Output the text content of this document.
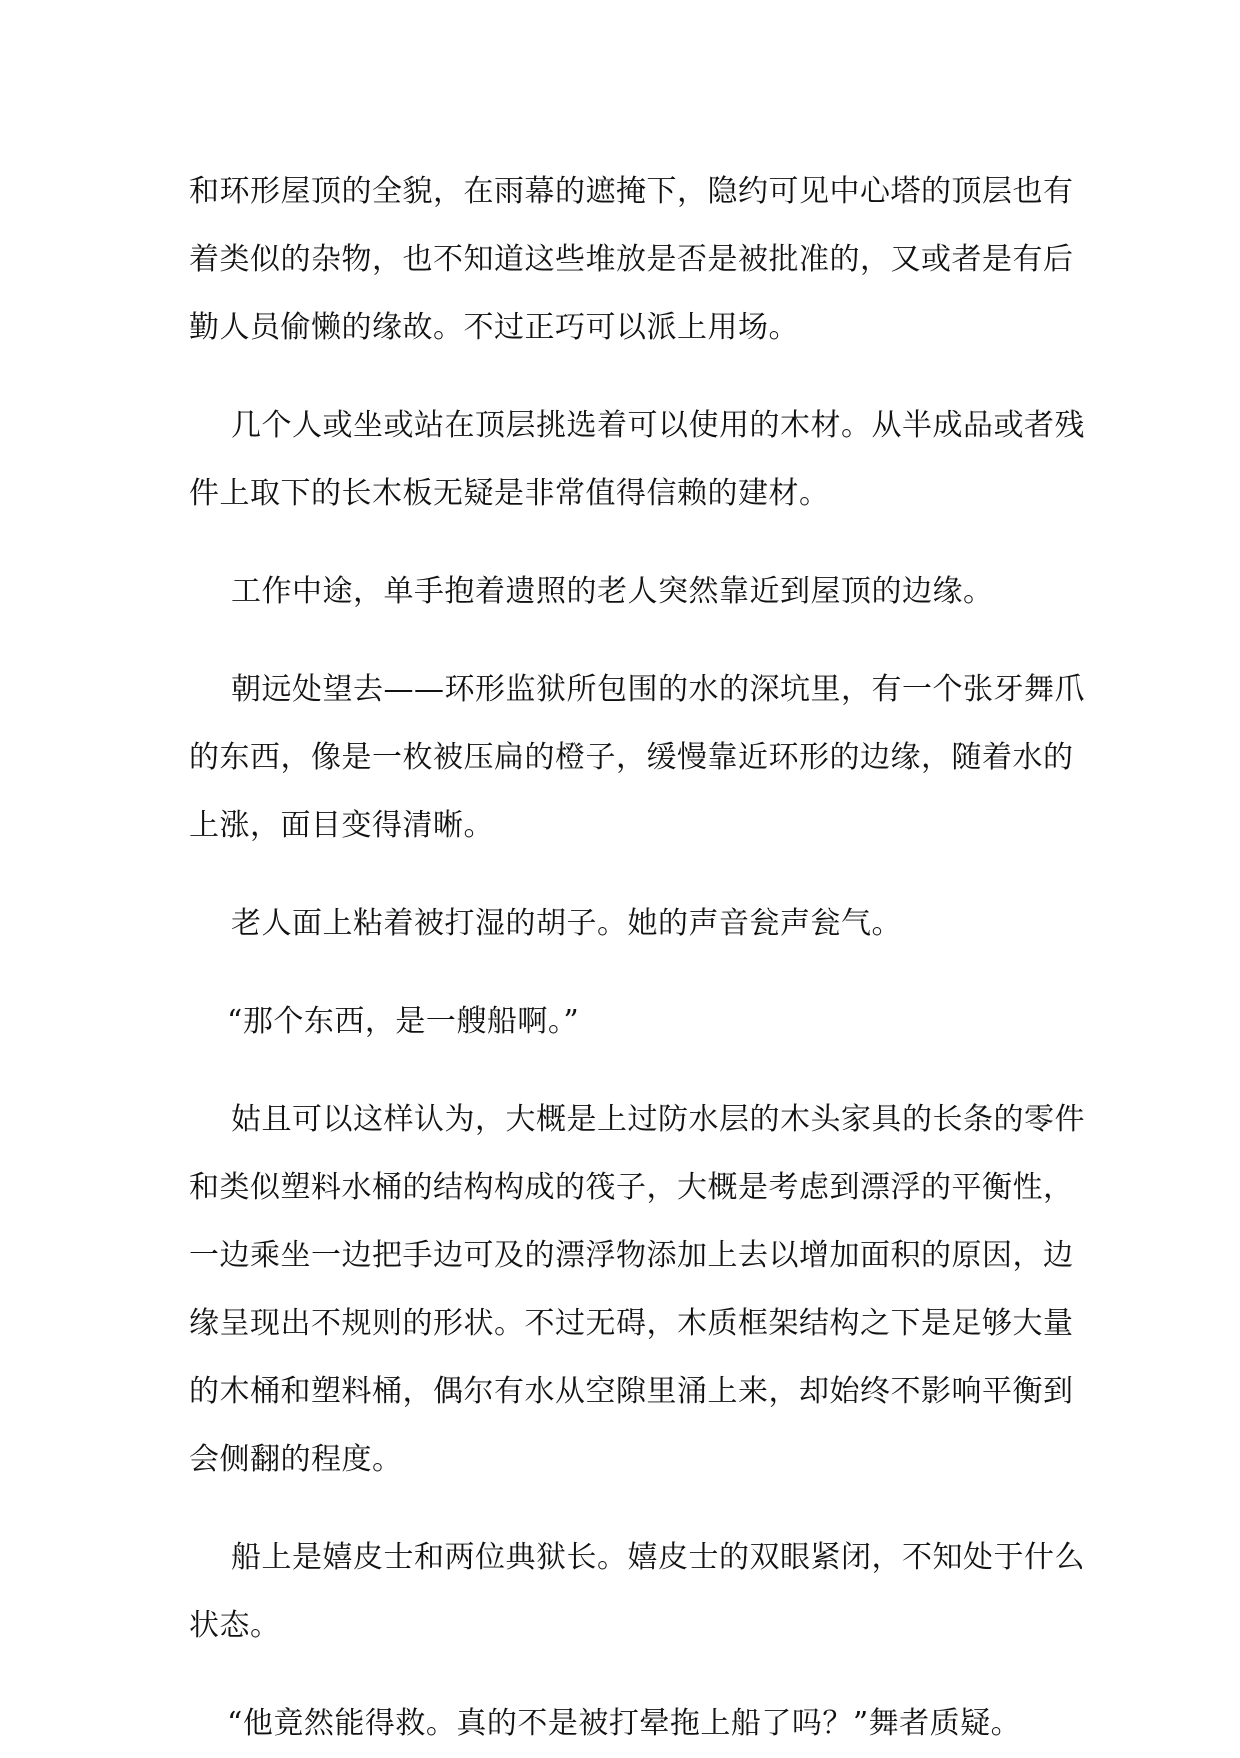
和环形屋顶的全貌，在雨幕的遮掩下，隐约可见中心塔的顶层也有
着类似的杂物，也不知道这些堆放是否是被批准的，又或者是有后
勤人员偷懒的缘故。不过正巧可以派上用场。
几个人或坐或站在顶层挑选着可以使用的木材。从半成品或者残
件上取下的长木板无疑是非常值得信赖的建材。
工作中途，单手抱着遗照的老人突然靠近到屋顶的边缘。
朝远处望去——环形监狱所包围的水的深坑里，有一个张牙舞爪
的东西，像是一枚被压扁的橙子，缓慢靠近环形的边缘，随着水的
上涨，面目变得清晰。
老人面上粘着被打湿的胡子。她的声音瓮声瓮气。
“那个东西，是一艘船啊。”
姑且可以这样认为，大概是上过防水层的木头家具的长条的零件
和类似塑料水桶的结构构成的筏子，大概是考虑到漂浮的平衡性，
一边乘坐一边把手边可及的漂浮物添加上去以增加面积的原因，边
缘呈现出不规则的形状。不过无碍，木质框架结构之下是足够大量
的木桶和塑料桶，偶尔有水从空隙里涌上来，却始终不影响平衡到
会侧翻的程度。
船上是嬉皮士和两位典狱长。嬉皮士的双眼紧闭，不知处于什么
状态。
“他竟然能得救。真的不是被打晕拖上船了吗？”舞者质疑。
